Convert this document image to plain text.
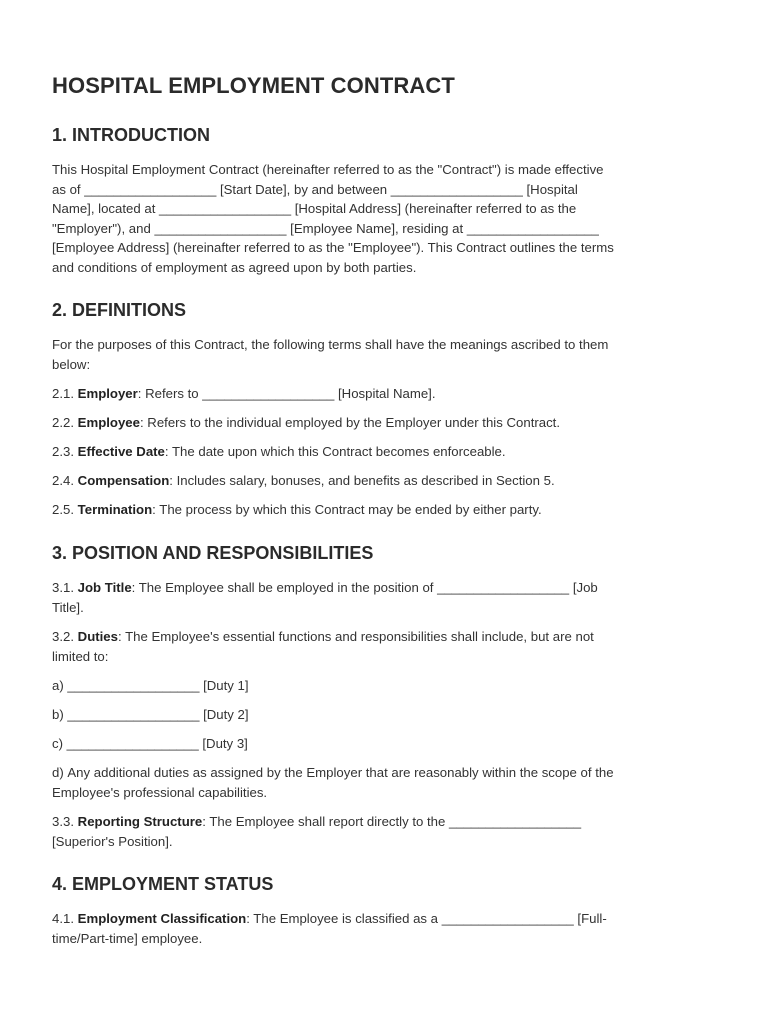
HOSPITAL EMPLOYMENT CONTRACT
1. INTRODUCTION

This Hospital Employment Contract (hereinafter referred to as the "Contract") is made effective

as of __________________ [Start Date], by and between __________________ [Hospital

Name], located at __________________ [Hospital Address] (hereinafter referred to as the

"Employer"), and __________________ [Employee Name], residing at __________________

[Employee Address] (hereinafter referred to as the "Employee"). This Contract outlines the terms

and conditions of employment as agreed upon by both parties.

2. DEFINITIONS

For the purposes of this Contract, the following terms shall have the meanings ascribed to them

below:

2.1. Employer: Refers to __________________ [Hospital Name].

2.2. Employee: Refers to the individual employed by the Employer under this Contract.

2.3. Effective Date: The date upon which this Contract becomes enforceable.

2.4. Compensation: Includes salary, bonuses, and benefits as described in Section 5.

2.5. Termination: The process by which this Contract may be ended by either party.

3. POSITION AND RESPONSIBILITIES

3.1. Job Title: The Employee shall be employed in the position of __________________ [Job

Title].

3.2. Duties: The Employee's essential functions and responsibilities shall include, but are not

limited to:

a) __________________ [Duty 1]

b) __________________ [Duty 2]

c) __________________ [Duty 3]

d) Any additional duties as assigned by the Employer that are reasonably within the scope of the

Employee's professional capabilities.

3.3. Reporting Structure: The Employee shall report directly to the __________________

[Superior's Position].

4. EMPLOYMENT STATUS

4.1. Employment Classification: The Employee is classified as a __________________ [Full-

time/Part-time] employee.
